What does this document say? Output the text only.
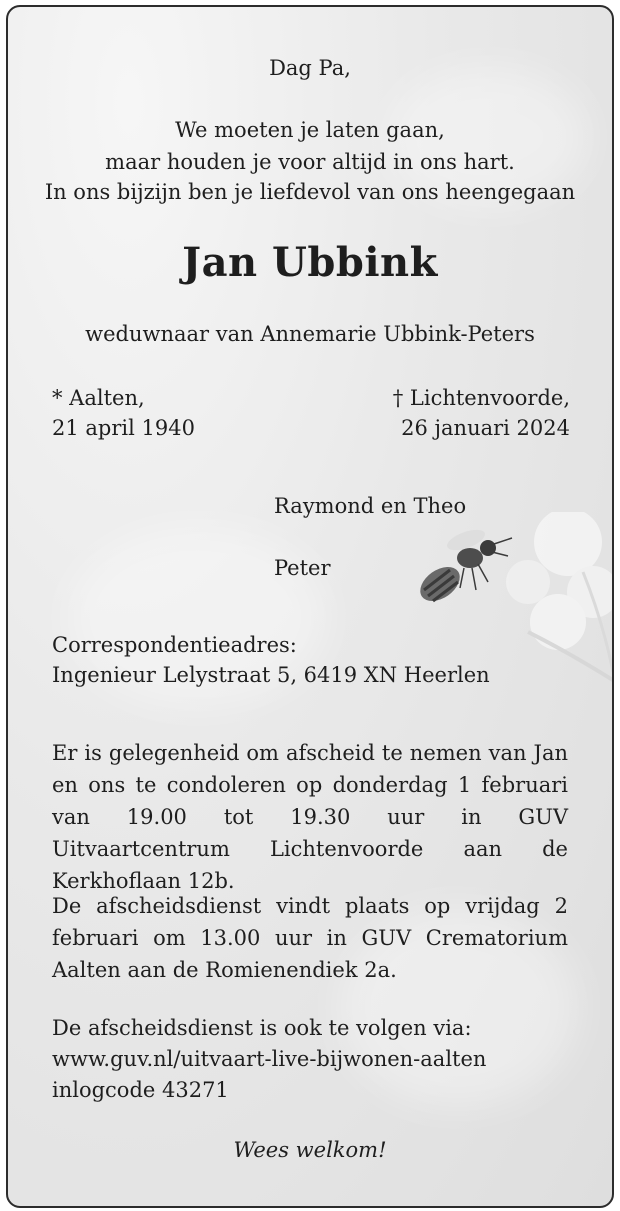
Dag Pa,

We moeten je laten gaan,

maar houden je voor altijd in ons hart.

In ons bijzijn ben je liefdevol van ons heengegaan

Jan Ubbink

weduwnaar van Annemarie Ubbink-Peters

* Aalten,

21 april 1940

† Lichtenvoorde,

26 januari 2024

Raymond en Theo

Peter

Correspondentieadres:

Ingenieur Lelystraat 5, 6419 XN Heerlen

Er is gelegenheid om afscheid te nemen van Jan en ons te condoleren op donderdag 1 februari van 19.00 tot 19.30 uur in GUV Uitvaartcentrum Lichtenvoorde aan de Kerkhoflaan 12b.

De afscheidsdienst vindt plaats op vrijdag 2 februari om 13.00 uur in GUV Crematorium Aalten aan de Romienendiek 2a.

De afscheidsdienst is ook te volgen via:

www.guv.nl/uitvaart-live-bijwonen-aalten

inlogcode 43271

Wees welkom!
